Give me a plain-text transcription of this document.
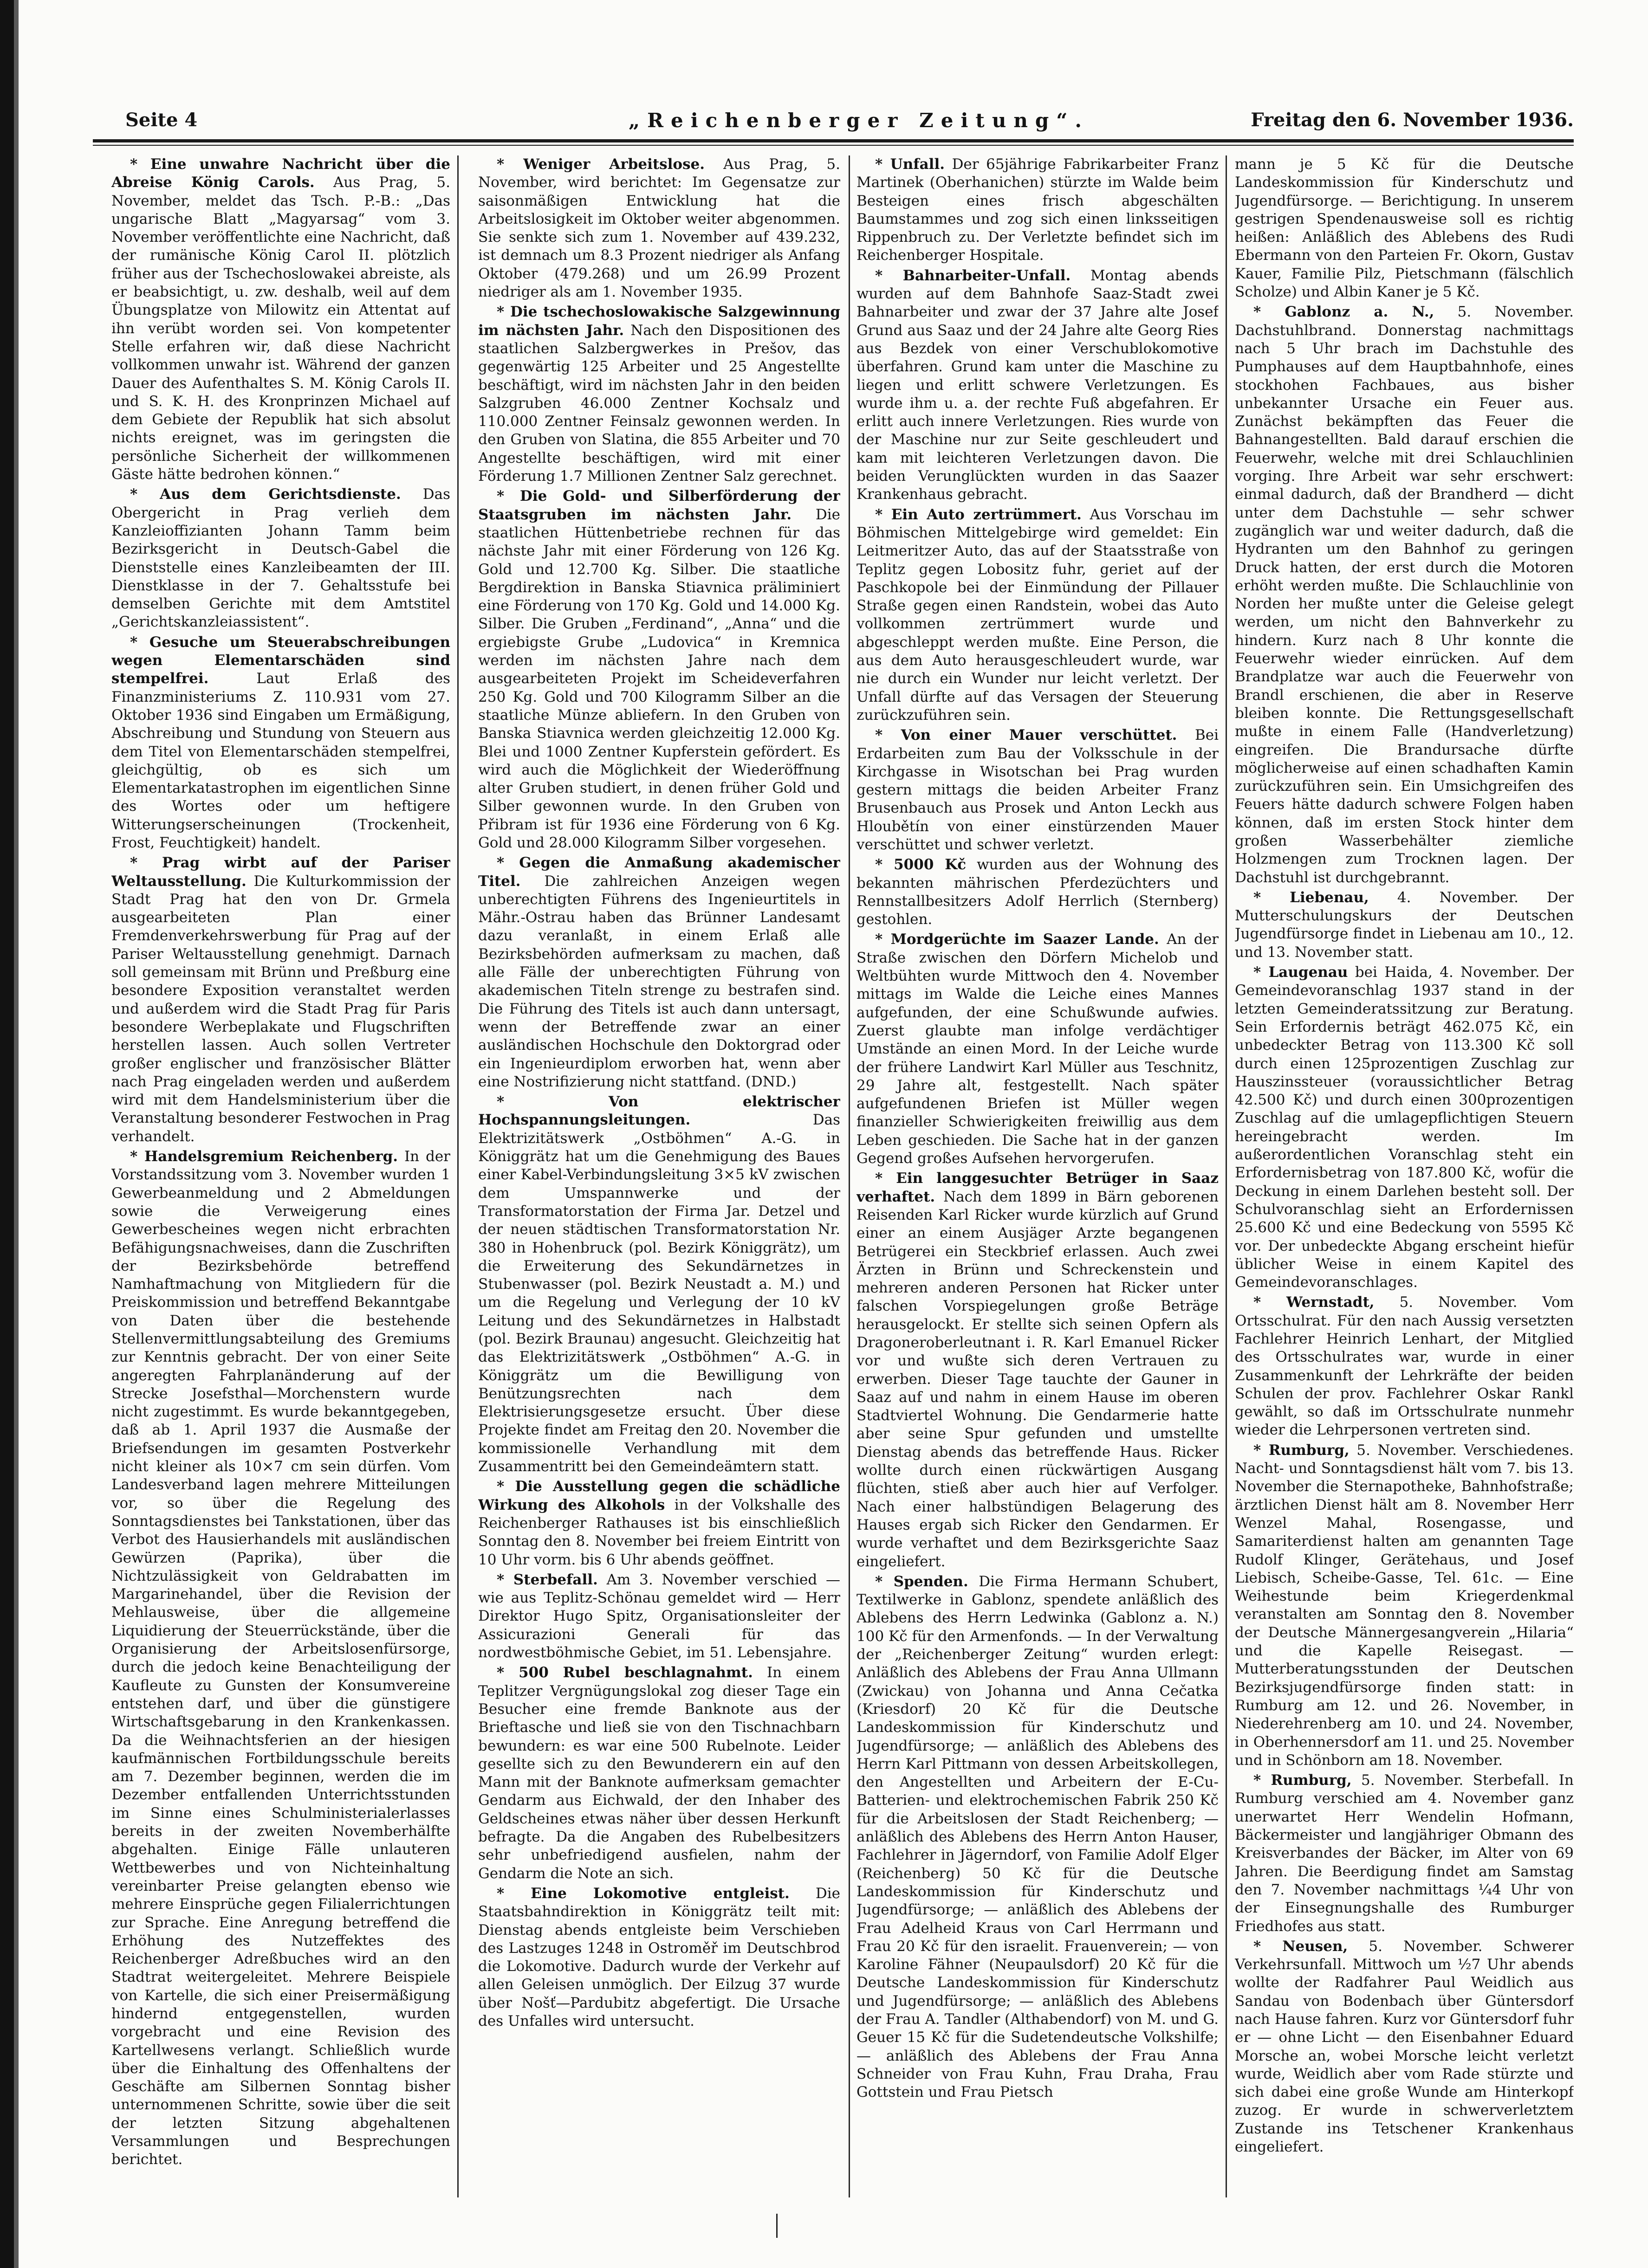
Seite 4	„Reichenberger Zeitung“.	Freitag den 6. November 1936.

* Eine unwahre Nachricht über die Abreise König Carols. Aus Prag, 5. November, meldet das Tsch. P.-B.: „Das ungarische Blatt „Magyarsag“ vom 3. November veröffentlichte eine Nachricht, daß der rumänische König Carol II. plötzlich früher aus der Tschechoslowakei abreiste, als er beabsichtigt, u. zw. deshalb, weil auf dem Übungsplatze von Milowitz ein Attentat auf ihn verübt worden sei. Von kompetenter Stelle erfahren wir, daß diese Nachricht vollkommen unwahr ist. Während der ganzen Dauer des Aufenthaltes S. M. König Carols II. und S. K. H. des Kronprinzen Michael auf dem Gebiete der Republik hat sich absolut nichts ereignet, was im geringsten die persönliche Sicherheit der willkommenen Gäste hätte bedrohen können.“

* Aus dem Gerichtsdienste. Das Obergericht in Prag verlieh dem Kanzleioffizianten Johann Tamm beim Bezirksgericht in Deutsch-Gabel die Dienststelle eines Kanzleibeamten der III. Dienstklasse in der 7. Gehaltsstufe bei demselben Gerichte mit dem Amtstitel „Gerichtskanzleiassistent“.

* Gesuche um Steuerabschreibungen wegen Elementarschäden sind stempelfrei.	Laut Erlaß des Finanzministeriums Z. 110.931 vom 27. Oktober 1936 sind Eingaben um Ermäßigung, Abschreibung und Stundung von Steuern aus dem Titel von Elementarschäden stempelfrei, gleichgültig, ob es sich um Elementarkatastrophen im eigentlichen Sinne des Wortes oder um heftigere Witterungserscheinungen (Trockenheit, Frost, Feuchtigkeit) handelt.

* Prag wirbt auf der Pariser Weltausstellung. Die Kulturkommission der Stadt Prag hat den von Dr. Grmela ausgearbeiteten Plan einer Fremdenverkehrswerbung für Prag auf der Pariser Weltausstellung genehmigt. Darnach soll gemeinsam mit Brünn und Preßburg eine besondere Exposition veranstaltet werden und außerdem wird die Stadt Prag für Paris besondere Werbeplakate und Flugschriften herstellen lassen. Auch sollen Vertreter großer englischer und französischer Blätter nach Prag eingeladen werden und außerdem wird mit dem Handelsministerium über die Veranstaltung besonderer Festwochen in Prag verhandelt.

* Handelsgremium Reichenberg. In der Vorstandssitzung vom 3. November wurden 1 Gewerbeanmeldung und 2 Abmeldungen sowie die Verweigerung eines Gewerbescheines wegen nicht erbrachten Befähigungsnachweises, dann die Zuschriften der Bezirksbehörde betreffend Namhaftmachung von Mitgliedern für die Preiskommission und betreffend Bekanntgabe von Daten über die bestehende Stellenvermittlungsabteilung des Gremiums zur Kenntnis gebracht. Der von einer Seite angeregten Fahrplanänderung auf der Strecke Josefsthal—Morchenstern wurde nicht zugestimmt. Es wurde bekanntgegeben, daß ab 1. April 1937 die Ausmaße der Briefsendungen im gesamten Postverkehr nicht kleiner als 10×7 cm sein dürfen. Vom Landesverband lagen mehrere Mitteilungen vor, so über die Regelung des Sonntagsdienstes bei Tankstationen, über das Verbot des Hausierhandels mit ausländischen Gewürzen (Paprika), über die Nichtzulässigkeit von Geldrabatten im Margarinehandel, über die Revision der Mehlausweise, über die allgemeine Liquidierung der Steuerrückstände, über die Organisierung der Arbeitslosenfürsorge, durch die jedoch keine Benachteiligung der Kaufleute zu Gunsten der Konsumvereine entstehen darf, und über die günstigere Wirtschaftsgebarung in den Krankenkassen. Da die Weihnachtsferien an der hiesigen kaufmännischen Fortbildungsschule bereits am 7. Dezember beginnen, werden die im Dezember entfallenden Unterrichtsstunden im Sinne eines Schulministerialerlasses bereits in der zweiten Novemberhälfte abgehalten. Einige Fälle unlauteren Wettbewerbes und von Nichteinhaltung vereinbarter Preise gelangten ebenso wie mehrere Einsprüche gegen Filialerrichtungen zur Sprache. Eine Anregung betreffend die Erhöhung des Nutzeffektes des Reichenberger Adreßbuches wird an den Stadtrat weitergeleitet. Mehrere Beispiele von Kartelle, die sich einer Preisermäßigung hindernd entgegenstellen, wurden vorgebracht und eine Revision des Kartellwesens verlangt. Schließlich wurde über die Einhaltung des Offenhaltens der Geschäfte am Silbernen Sonntag bisher unternommenen Schritte, sowie über die seit der letzten Sitzung abgehaltenen Versammlungen und Besprechungen berichtet.

* Weniger Arbeitslose. Aus Prag, 5. November, wird berichtet: Im Gegensatze zur saisonmäßigen Entwicklung hat die Arbeitslosigkeit im Oktober weiter abgenommen. Sie senkte sich zum 1. November auf 439.232, ist demnach um 8.3 Prozent niedriger als Anfang Oktober (479.268) und um 26.99 Prozent niedriger als am 1. November 1935.

* Die tschechoslowakische Salzgewinnung im nächsten Jahr. Nach den Dispositionen des staatlichen Salzbergwerkes in Prešov, das gegenwärtig 125 Arbeiter und 25 Angestellte beschäftigt, wird im nächsten Jahr in den beiden Salzgruben 46.000 Zentner Kochsalz und 110.000 Zentner Feinsalz gewonnen werden. In den Gruben von Slatina, die 855 Arbeiter und 70 Angestellte beschäftigen, wird mit einer Förderung 1.7 Millionen Zentner Salz gerechnet.

* Die Gold- und Silberförderung der Staatsgruben im nächsten Jahr. Die staatlichen Hüttenbetriebe rechnen für das nächste Jahr mit einer Förderung von 126 Kg. Gold und 12.700 Kg. Silber. Die staatliche Bergdirektion in Banska Stiavnica präliminiert eine Förderung von 170 Kg. Gold und 14.000 Kg. Silber. Die Gruben „Ferdinand“, „Anna“ und die ergiebigste Grube „Ludovica“ in Kremnica werden im nächsten Jahre nach dem ausgearbeiteten Projekt im Scheideverfahren 250 Kg. Gold und 700 Kilogramm Silber an die staatliche Münze abliefern. In den Gruben von Banska Stiavnica werden gleichzeitig 12.000 Kg. Blei und 1000 Zentner Kupferstein gefördert. Es wird auch die Möglichkeit der Wiederöffnung alter Gruben studiert, in denen früher Gold und Silber gewonnen wurde. In den Gruben von Přibram ist für 1936 eine Förderung von 6 Kg. Gold und 28.000 Kilogramm Silber vorgesehen.

* Gegen die Anmaßung akademischer Titel. Die zahlreichen Anzeigen wegen unberechtigten Führens des Ingenieurtitels in Mähr.-Ostrau haben das Brünner Landesamt dazu veranlaßt, in einem Erlaß alle Bezirksbehörden aufmerksam zu machen, daß alle Fälle der unberechtigten Führung von akademischen Titeln strenge zu bestrafen sind. Die Führung des Titels ist auch dann untersagt, wenn der Betreffende zwar an einer ausländischen Hochschule den Doktorgrad oder ein Ingenieurdiplom erworben hat, wenn aber eine Nostrifizierung nicht stattfand. (DND.)

* Von elektrischer Hochspannungsleitungen.	Das Elektrizitätswerk „Ostböhmen“ A.-G. in Königgrätz hat um die Genehmigung des Baues einer Kabel-Verbindungsleitung 3×5 kV zwischen dem Umspannwerke und der Transformatorstation der Firma Jar. Detzel und der neuen städtischen Transformatorstation Nr. 380 in Hohenbruck (pol. Bezirk Königgrätz), um die Erweiterung des Sekundärnetzes in Stubenwasser (pol. Bezirk Neustadt a. M.) und um die Regelung und Verlegung der 10 kV Leitung und des Sekundärnetzes in Halbstadt (pol. Bezirk Braunau) angesucht. Gleichzeitig hat das Elektrizitätswerk „Ostböhmen“ A.-G. in Königgrätz um die Bewilligung von Benützungsrechten nach dem Elektrisierungsgesetze ersucht. Über diese Projekte findet am Freitag den 20. November die kommissionelle Verhandlung mit dem Zusammentritt bei den Gemeindeämtern statt.

* Die Ausstellung gegen die schädliche Wirkung des Alkohols in der Volkshalle des Reichenberger Rathauses ist bis einschließlich Sonntag den 8. November bei freiem Eintritt von 10 Uhr vorm. bis 6 Uhr abends geöffnet.

* Sterbefall. Am 3. November verschied — wie aus Teplitz-Schönau gemeldet wird — Herr Direktor Hugo Spitz, Organisationsleiter der Assicurazioni Generali für das nordwestböhmische Gebiet, im 51. Lebensjahre.

* 500 Rubel beschlagnahmt. In einem Teplitzer Vergnügungslokal zog dieser Tage ein Besucher eine fremde Banknote aus der Brieftasche und ließ sie von den Tischnachbarn bewundern: es war eine 500 Rubelnote. Leider gesellte sich zu den Bewunderern ein auf den Mann mit der Banknote aufmerksam gemachter Gendarm aus Eichwald, der den Inhaber des Geldscheines etwas näher über dessen Herkunft befragte. Da die Angaben des Rubelbesitzers sehr unbefriedigend ausfielen, nahm der Gendarm die Note an sich.

* Eine Lokomotive entgleist. Die Staatsbahndirektion in Königgrätz teilt mit: Dienstag abends entgleiste beim Verschieben des Lastzuges 1248 in Ostroměř im Deutschbrod die Lokomotive. Dadurch wurde der Verkehr auf allen Geleisen unmöglich. Der Eilzug 37 wurde über Nošť—Pardubitz abgefertigt. Die Ursache des Unfalles wird untersucht.

* Unfall. Der 65jährige Fabrikarbeiter Franz Martinek (Oberhanichen) stürzte im Walde beim Besteigen eines frisch abgeschälten Baumstammes und zog sich einen linksseitigen Rippenbruch zu. Der Verletzte befindet sich im Reichenberger Hospitale.

* Bahnarbeiter-Unfall. Montag abends wurden auf dem Bahnhofe Saaz-Stadt zwei Bahnarbeiter und zwar der 37 Jahre alte Josef Grund aus Saaz und der 24 Jahre alte Georg Ries aus Bezdek von einer Verschublokomotive überfahren. Grund kam unter die Maschine zu liegen und erlitt schwere Verletzungen. Es wurde ihm u. a. der rechte Fuß abgefahren. Er erlitt auch innere Verletzungen. Ries wurde von der Maschine nur zur Seite geschleudert und kam mit leichteren Verletzungen davon. Die beiden Verunglückten wurden in das Saazer Krankenhaus gebracht.

* Ein Auto zertrümmert. Aus Vorschau im Böhmischen Mittelgebirge wird gemeldet: Ein Leitmeritzer Auto, das auf der Staatsstraße von Teplitz gegen Lobositz fuhr, geriet auf der Paschkopole bei der Einmündung der Pillauer Straße gegen einen Randstein, wobei das Auto vollkommen zertrümmert wurde und abgeschleppt werden mußte. Eine Person, die aus dem Auto herausgeschleudert wurde, war nie durch ein Wunder nur leicht verletzt. Der Unfall dürfte auf das Versagen der Steuerung zurückzuführen sein.

* Von einer Mauer verschüttet. Bei Erdarbeiten zum Bau der Volksschule in der Kirchgasse in Wisotschan bei Prag wurden gestern mittags die beiden Arbeiter Franz Brusenbauch aus Prosek und Anton Leckh aus Hloubětín von einer einstürzenden Mauer verschüttet und schwer verletzt.

* 5000 Kč wurden aus der Wohnung des bekannten mährischen Pferdezüchters und Rennstallbesitzers Adolf Herrlich (Sternberg) gestohlen.

* Mordgerüchte im Saazer Lande. An der Straße zwischen den Dörfern Michelob und Weltbühten wurde Mittwoch den 4. November mittags im Walde die Leiche eines Mannes aufgefunden, der eine Schußwunde aufwies. Zuerst glaubte man infolge verdächtiger Umstände an einen Mord. In der Leiche wurde der frühere Landwirt Karl Müller aus Teschnitz, 29 Jahre alt, festgestellt. Nach später aufgefundenen Briefen ist Müller wegen finanzieller Schwierigkeiten freiwillig aus dem Leben geschieden. Die Sache hat in der ganzen Gegend großes Aufsehen hervorgerufen.

* Ein langgesuchter Betrüger in Saaz verhaftet. Nach dem 1899 in Bärn geborenen Reisenden Karl Ricker wurde kürzlich auf Grund einer an einem Ausjäger Arzte begangenen Betrügerei ein Steckbrief erlassen. Auch zwei Ärzten in Brünn und Schreckenstein und mehreren anderen Personen hat Ricker unter falschen Vorspiegelungen große Beträge herausgelockt. Er stellte sich seinen Opfern als Dragoneroberleutnant i. R. Karl Emanuel Ricker vor und wußte sich deren Vertrauen zu erwerben. Dieser Tage tauchte der Gauner in Saaz auf und nahm in einem Hause im oberen Stadtviertel Wohnung. Die Gendarmerie hatte aber seine Spur gefunden und umstellte Dienstag abends das betreffende Haus. Ricker wollte durch einen rückwärtigen Ausgang flüchten, stieß aber auch hier auf Verfolger. Nach einer halbstündigen Belagerung des Hauses ergab sich Ricker den Gendarmen. Er wurde verhaftet und dem Bezirksgerichte Saaz eingeliefert.

* Spenden. Die Firma Hermann Schubert, Textilwerke in Gablonz, spendete anläßlich des Ablebens des Herrn Ledwinka (Gablonz a. N.) 100 Kč für den Armenfonds. — In der Verwaltung der „Reichenberger Zeitung“ wurden erlegt: Anläßlich des Ablebens der Frau Anna Ullmann (Zwickau) von Johanna und Anna Cečatka (Kriesdorf) 20 Kč für die Deutsche Landeskommission für Kinderschutz und Jugendfürsorge; — anläßlich des Ablebens des Herrn Karl Pittmann von dessen Arbeitskollegen, den Angestellten und Arbeitern der E-Cu-Batterien- und elektrochemischen Fabrik 250 Kč für die Arbeitslosen der Stadt Reichenberg; — anläßlich des Ablebens des Herrn Anton Hauser, Fachlehrer in Jägerndorf, von Familie Adolf Elger (Reichenberg) 50 Kč für die Deutsche Landeskommission für Kinderschutz und Jugendfürsorge; — anläßlich des Ablebens der Frau Adelheid Kraus von Carl Herrmann und Frau 20 Kč für den israelit. Frauenverein; — von Karoline Fähner (Neupaulsdorf) 20 Kč für die Deutsche Landeskommission für Kinderschutz und Jugendfürsorge; — anläßlich des Ablebens der Frau A. Tandler (Althabendorf) von M. und G. Geuer 15 Kč für die Sudetendeutsche Volkshilfe; — anläßlich des Ablebens der Frau Anna Schneider von Frau Kuhn, Frau Draha, Frau Gottstein und Frau Pietsch

mann je 5 Kč für die Deutsche Landeskommission für Kinderschutz und Jugendfürsorge. — Berichtigung. In unserem gestrigen Spendenausweise soll es richtig heißen: Anläßlich des Ablebens des Rudi Ebermann von den Parteien Fr. Okorn, Gustav Kauer, Familie Pilz, Pietschmann (fälschlich Scholze) und Albin Kaner je 5 Kč.

* Gablonz a. N., 5. November. Dachstuhlbrand. Donnerstag nachmittags nach 5 Uhr brach im Dachstuhle des Pumphauses auf dem Hauptbahnhofe, eines stockhohen Fachbaues, aus bisher unbekannter Ursache ein Feuer aus. Zunächst bekämpften das Feuer die Bahnangestellten. Bald darauf erschien die Feuerwehr, welche mit drei Schlauchlinien vorging. Ihre Arbeit war sehr erschwert: einmal dadurch, daß der Brandherd — dicht unter dem Dachstuhle — sehr schwer zugänglich war und weiter dadurch, daß die Hydranten um den Bahnhof zu geringen Druck hatten, der erst durch die Motoren erhöht werden mußte. Die Schlauchlinie von Norden her mußte unter die Geleise gelegt werden, um nicht den Bahnverkehr zu hindern. Kurz nach 8 Uhr konnte die Feuerwehr wieder einrücken. Auf dem Brandplatze war auch die Feuerwehr von Brandl erschienen, die aber in Reserve bleiben konnte. Die Rettungsgesellschaft mußte in einem Falle (Handverletzung) eingreifen. Die Brandursache dürfte möglicherweise auf einen schadhaften Kamin zurückzuführen sein. Ein Umsichgreifen des Feuers hätte dadurch schwere Folgen haben können, daß im ersten Stock hinter dem großen Wasserbehälter ziemliche Holzmengen zum Trocknen lagen. Der Dachstuhl ist durchgebrannt.

* Liebenau, 4. November. Der Mutterschulungskurs der Deutschen Jugendfürsorge findet in Liebenau am 10., 12. und 13. November statt.

* Laugenau bei Haida, 4. November. Der Gemeindevoranschlag 1937 stand in der letzten Gemeinderatssitzung zur Beratung. Sein Erfordernis beträgt 462.075 Kč, ein unbedeckter Betrag von 113.300 Kč soll durch einen 125prozentigen Zuschlag zur Hauszinssteuer (voraussichtlicher Betrag 42.500 Kč) und durch einen 300prozentigen Zuschlag auf die umlagepflichtigen Steuern hereingebracht werden. Im außerordentlichen Voranschlag steht ein Erfordernisbetrag von 187.800 Kč, wofür die Deckung in einem Darlehen besteht soll. Der Schulvoranschlag sieht an Erfordernissen 25.600 Kč und eine Bedeckung von 5595 Kč vor. Der unbedeckte Abgang erscheint hiefür üblicher Weise in einem Kapitel des Gemeindevoranschlages.

* Wernstadt, 5. November. Vom Ortsschulrat. Für den nach Aussig versetzten Fachlehrer Heinrich Lenhart, der Mitglied des Ortsschulrates war, wurde in einer Zusammenkunft der Lehrkräfte der beiden Schulen der prov. Fachlehrer Oskar Rankl gewählt, so daß im Ortsschulrate nunmehr wieder die Lehrpersonen vertreten sind.

* Rumburg, 5. November. Verschiedenes. Nacht- und Sonntagsdienst hält vom 7. bis 13. November die Sternapotheke, Bahnhofstraße; ärztlichen Dienst hält am 8. November Herr Wenzel Mahal, Rosengasse, und Samariterdienst halten am genannten Tage Rudolf Klinger, Gerätehaus, und Josef Liebisch, Scheibe-Gasse, Tel. 61c. — Eine Weihestunde beim Kriegerdenkmal veranstalten am Sonntag den 8. November der Deutsche Männergesangverein „Hilaria“ und die Kapelle Reisegast. — Mutterberatungsstunden der Deutschen Bezirksjugendfürsorge finden statt: in Rumburg am 12. und 26. November, in Niederehrenberg am 10. und 24. November, in Oberhennersdorf am 11. und 25. November und in Schönborn am 18. November.

* Rumburg, 5. November. Sterbefall. In Rumburg verschied am 4. November ganz unerwartet Herr Wendelin Hofmann, Bäckermeister und langjähriger Obmann des Kreisverbandes der Bäcker, im Alter von 69 Jahren. Die Beerdigung findet am Samstag den 7. November nachmittags ¼4 Uhr von der Einsegnungshalle des Rumburger Friedhofes aus statt.

* Neusen, 5. November. Schwerer Verkehrsunfall. Mittwoch um ½7 Uhr abends wollte der Radfahrer Paul Weidlich aus Sandau von Bodenbach über Güntersdorf nach Hause fahren. Kurz vor Güntersdorf fuhr er — ohne Licht — den Eisenbahner Eduard Morsche an, wobei Morsche leicht verletzt wurde, Weidlich aber vom Rade stürzte und sich dabei eine große Wunde am Hinterkopf zuzog. Er wurde in schwerverletztem Zustande ins Tetschener Krankenhaus eingeliefert.
